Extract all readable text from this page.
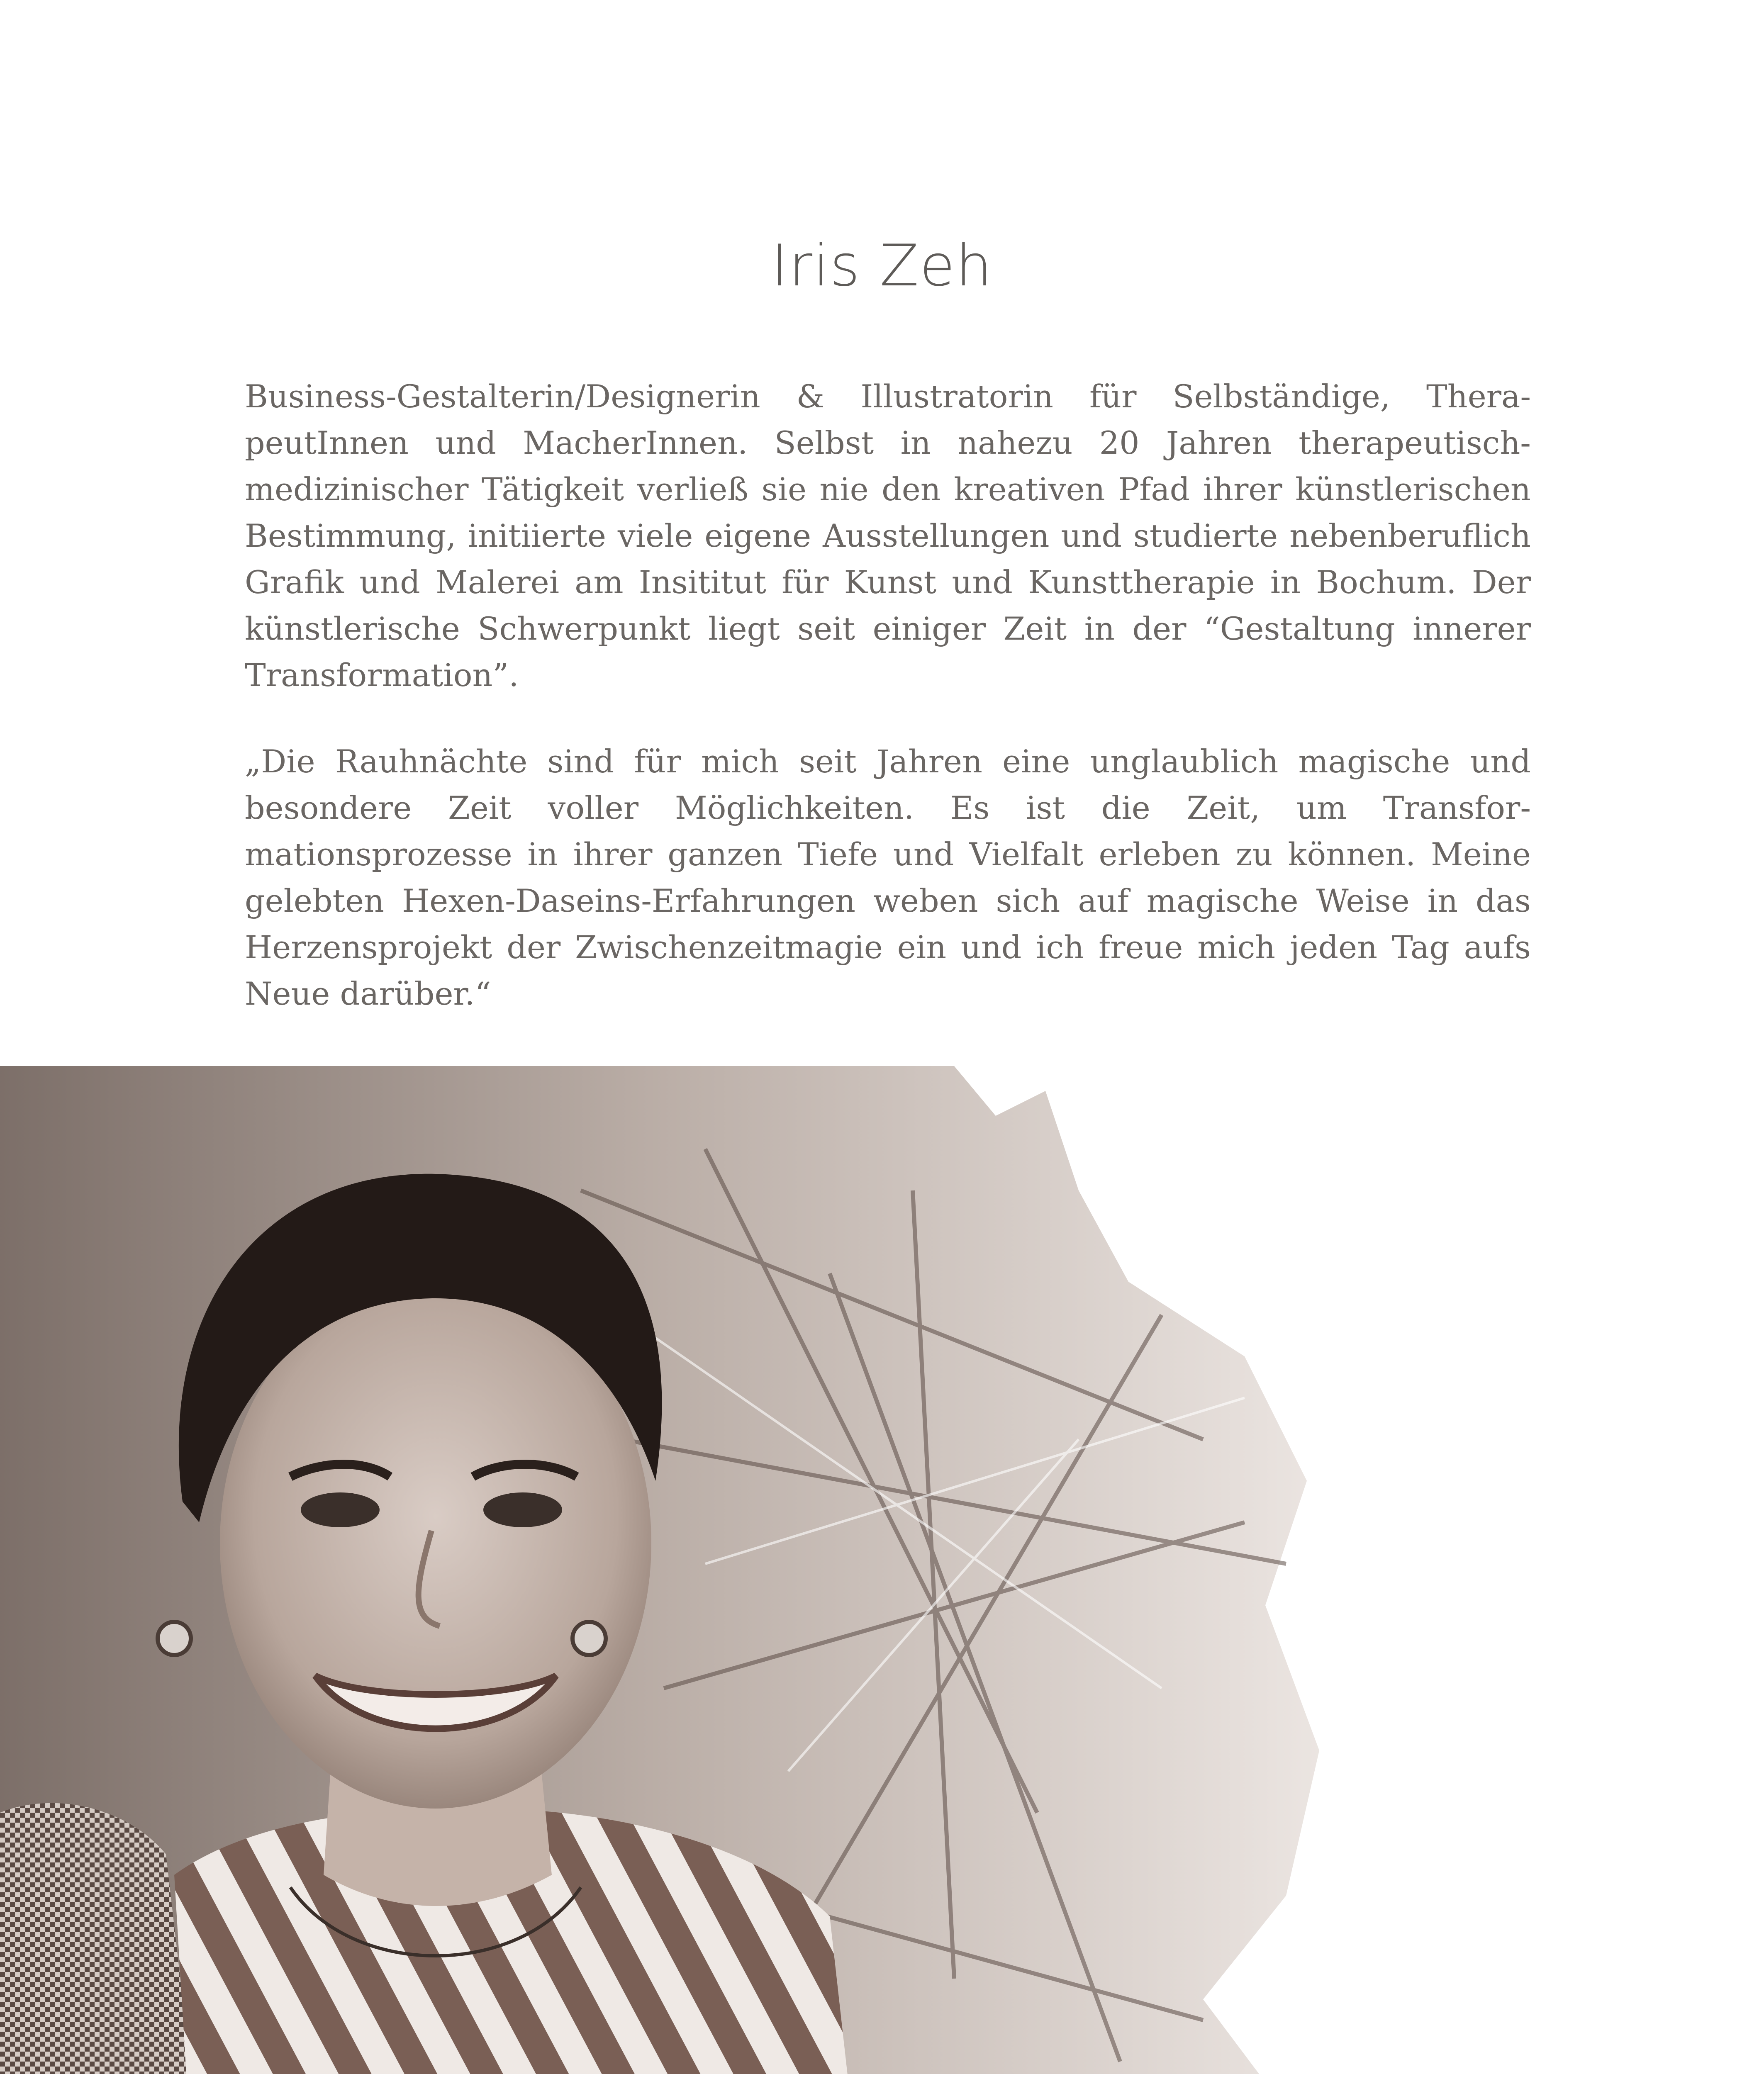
Iris Zeh
Business-Gestalterin/Designerin & Illustratorin für Selbständige, TherapeutInnen und MacherInnen. Selbst in nahezu 20 Jahren therapeutisch-medizinischer Tätigkeit verließ sie nie den kreativen Pfad ihrer künstlerischen Bestimmung, initiierte viele eigene Ausstellungen und studierte nebenberuflich Grafik und Malerei am Insititut für Kunst und Kunsttherapie in Bochum. Der künstlerische Schwerpunkt liegt seit einiger Zeit in der “Gestaltung innerer Transformation”.
„Die Rauhnächte sind für mich seit Jahren eine unglaublich magische und besondere Zeit voller Möglichkeiten. Es ist die Zeit, um Transformationsprozesse in ihrer ganzen Tiefe und Vielfalt erleben zu können. Meine gelebten Hexen-Daseins-Erfahrungen weben sich auf magische Weise in das Herzensprojekt der Zwischenzeitmagie ein und ich freue mich jeden Tag aufs Neue darüber.“
